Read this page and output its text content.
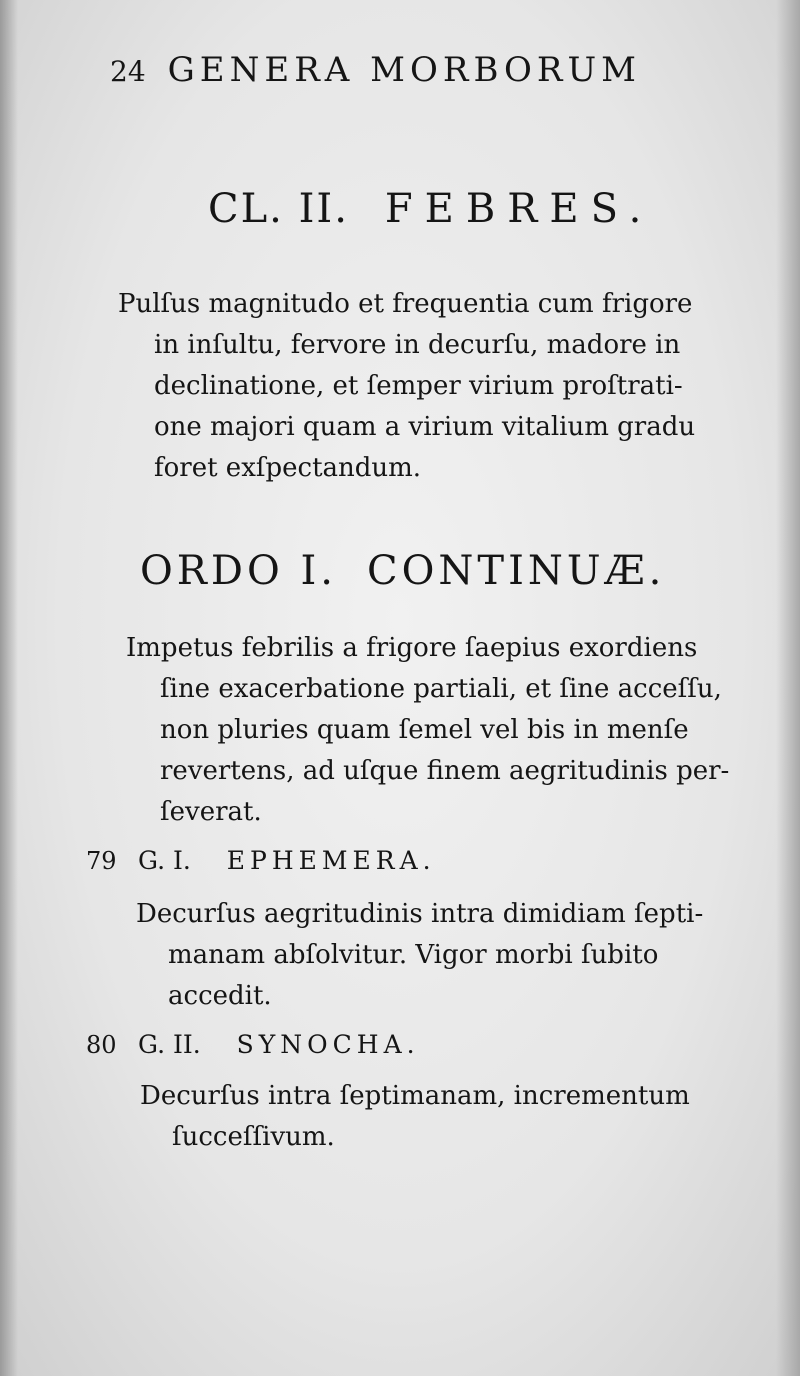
24 GENERA MORBORUM
CL. II. FEBRES.
Pulſus magnitudo et frequentia cum frigore
in inſultu, fervore in decurſu, madore in
declinatione, et ſemper virium proſtrati-
one majori quam a virium vitalium gradu
foret exſpectandum.
ORDO I. CONTINUÆ.
Impetus febrilis a frigore ſaepius exordiens
ſine exacerbatione partiali, et ſine acceſſu,
non pluries quam ſemel vel bis in menſe
revertens, ad uſque finem aegritudinis per-
ſeverat.
79 G. I. EPHEMERA.
Decurſus aegritudinis intra dimidiam ſepti-
manam abſolvitur. Vigor morbi ſubito
accedit.
80 G. II. SYNOCHA.
Decurſus intra ſeptimanam, incrementum
ſucceſſivum.
